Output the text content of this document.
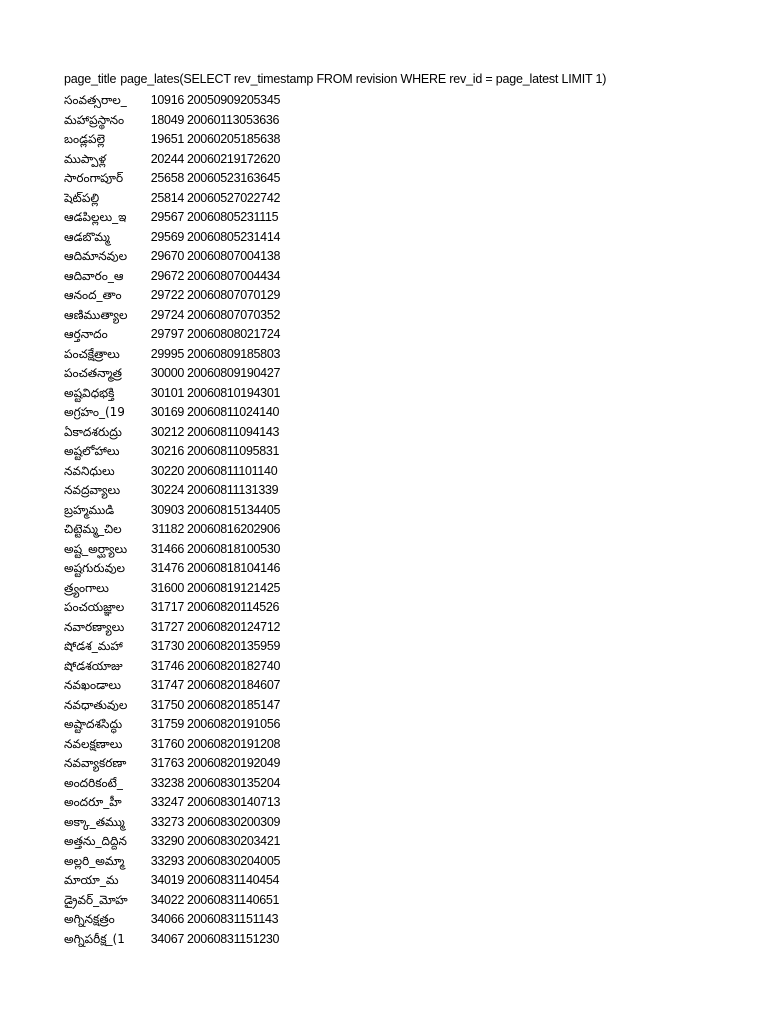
page_title page_lates(SELECT rev_timestamp FROM revision WHERE rev_id = page_latest LIMIT 1)
సంవత్సరాల_	10916 20050909205345
మహాప్రస్థానం	18049 20060113053636
బండ్లపల్లె	19651 20060205185638
ముప్పాళ్ల	20244 20060219172620
సారంగాపూర్	25658 20060523163645
షెట్‌పల్లి	25814 20060527022742
ఆడపిల్లలు_ఇ	29567 20060805231115
ఆడబొమ్మ	29569 20060805231414
ఆదిమానవుల	29670 20060807004138
ఆదివారం_ఆ	29672 20060807004434
ఆనంద_తాం	29722 20060807070129
ఆణిముత్యాల	29724 20060807070352
ఆర్తనాదం	29797 20060808021724
పంచక్షేత్రాలు	29995 20060809185803
పంచతన్మాత్ర	30000 20060809190427
అష్టవిధభక్తి	30101 20060810194301
అగ్రహం_(19	30169 20060811024140
ఏకాదశరుద్రు	30212 20060811094143
అష్టలోహాలు	30216 20060811095831
నవనిధులు	30220 20060811101140
నవద్రవ్యాలు	30224 20060811131339
బ్రహ్మముడి	30903 20060815134405
చిట్టెమ్మ_చిల	31182 20060816202906
అష్ట_అర్ఘ్యాలు	31466 20060818100530
అష్టగురువుల	31476 20060818104146
త్ర్యంగాలు	31600 20060819121425
పంచయజ్ఞాల	31717 20060820114526
నవారణ్యాలు	31727 20060820124712
షోడశ_మహా	31730 20060820135959
షోడశయాజు	31746 20060820182740
నవఖండాలు	31747 20060820184607
నవధాతువుల	31750 20060820185147
అష్టాదశసిద్ధు	31759 20060820191056
నవలక్షణాలు	31760 20060820191208
నవవ్యాకరణా	31763 20060820192049
అందరికంటే_	33238 20060830135204
అందరూ_హీ	33247 20060830140713
అక్కా_తమ్ము	33273 20060830200309
అత్తను_దిద్దిన	33290 20060830203421
అల్లరి_అమ్మా	33293 20060830204005
మాయా_మ	34019 20060831140454
డ్రైవర్_మోహ	34022 20060831140651
అగ్నినక్షత్రం	34066 20060831151143
అగ్నిపరీక్ష_(1	34067 20060831151230
